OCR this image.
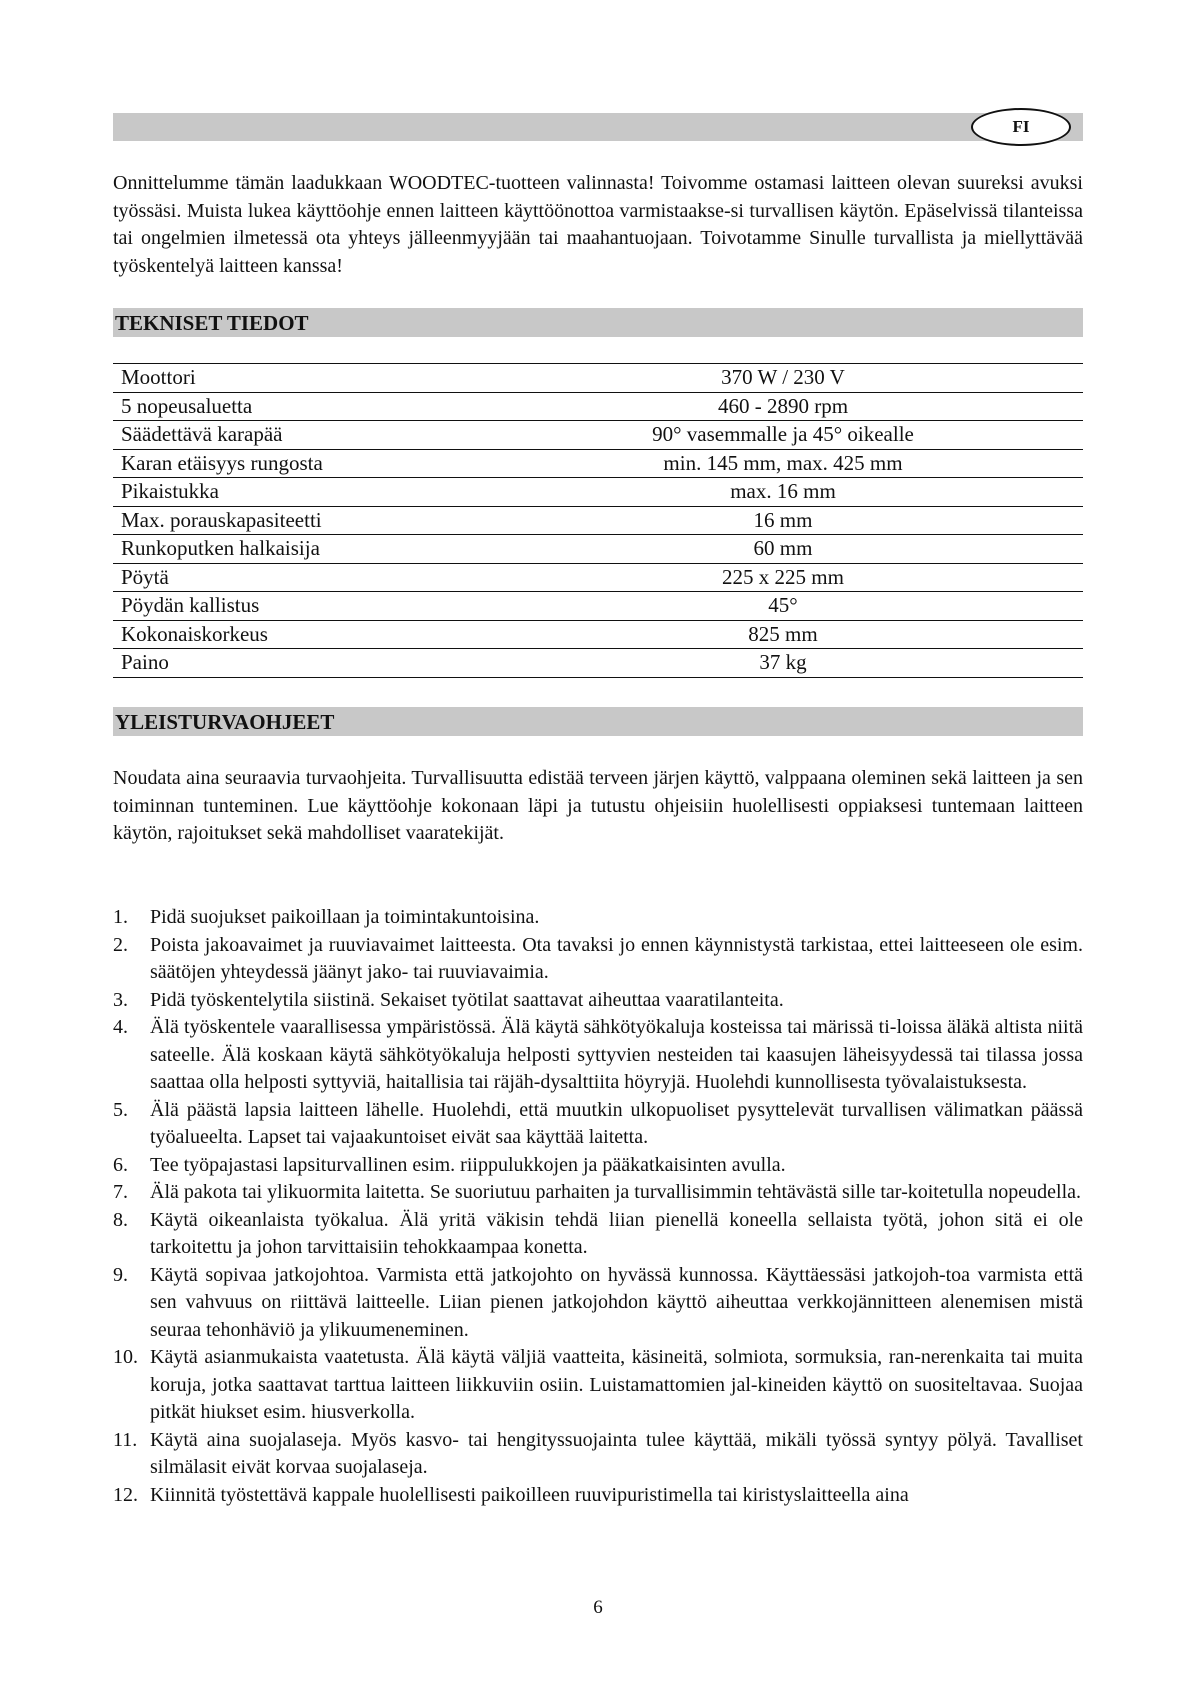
FI

Onnittelumme tämän laadukkaan WOODTEC-tuotteen valinnasta! Toivomme ostamasi laitteen olevan suureksi avuksi työssäsi. Muista lukea käyttöohje ennen laitteen käyttöönottoa varmistaakse-si turvallisen käytön. Epäselvissä tilanteissa tai ongelmien ilmetessä ota yhteys jälleenmyyjään tai maahantuojaan. Toivotamme Sinulle turvallista ja miellyttävää työskentelyä laitteen kanssa!

TEKNISET TIEDOT
Moottori	370 W / 230 V
5 nopeusaluetta	460 - 2890 rpm
Säädettävä karapää	90° vasemmalle ja 45° oikealle
Karan etäisyys rungosta	min. 145 mm, max. 425 mm
Pikaistukka	max. 16 mm
Max. porauskapasiteetti	16 mm
Runkoputken halkaisija	60 mm
Pöytä	225 x 225 mm
Pöydän kallistus	45°
Kokonaiskorkeus	825 mm
Paino	37 kg
YLEISTURVAOHJEET

Noudata aina seuraavia turvaohjeita. Turvallisuutta edistää terveen järjen käyttö, valppaana oleminen sekä laitteen ja sen toiminnan tunteminen. Lue käyttöohje kokonaan läpi ja tutustu ohjeisiin huolellisesti oppiaksesi tuntemaan laitteen käytön, rajoitukset sekä mahdolliset vaaratekijät.

1.	Pidä suojukset paikoillaan ja toimintakuntoisina.
2.	Poista jakoavaimet ja ruuviavaimet laitteesta. Ota tavaksi jo ennen käynnistystä tarkistaa, ettei laitteeseen ole esim. säätöjen yhteydessä jäänyt jako- tai ruuviavaimia.
3.	Pidä työskentelytila siistinä. Sekaiset työtilat saattavat aiheuttaa vaaratilanteita.
4.	Älä työskentele vaarallisessa ympäristössä. Älä käytä sähkötyökaluja kosteissa tai märissä ti-loissa äläkä altista niitä sateelle. Älä koskaan käytä sähkötyökaluja helposti syttyvien nesteiden tai kaasujen läheisyydessä tai tilassa jossa saattaa olla helposti syttyviä, haitallisia tai räjäh-dysalttiita höyryjä. Huolehdi kunnollisesta työvalaistuksesta.
5.	Älä päästä lapsia laitteen lähelle. Huolehdi, että muutkin ulkopuoliset pysyttelevät turvallisen välimatkan päässä työalueelta. Lapset tai vajaakuntoiset eivät saa käyttää laitetta.
6.	Tee työpajastasi lapsiturvallinen esim. riippulukkojen ja pääkatkaisinten avulla.
7.	Älä pakota tai ylikuormita laitetta. Se suoriutuu parhaiten ja turvallisimmin tehtävästä sille tar-koitetulla nopeudella.
8.	Käytä oikeanlaista työkalua. Älä yritä väkisin tehdä liian pienellä koneella sellaista työtä, johon sitä ei ole tarkoitettu ja johon tarvittaisiin tehokkaampaa konetta.
9.	Käytä sopivaa jatkojohtoa. Varmista että jatkojohto on hyvässä kunnossa. Käyttäessäsi jatkojoh-toa varmista että sen vahvuus on riittävä laitteelle. Liian pienen jatkojohdon käyttö aiheuttaa verkkojännitteen alenemisen mistä seuraa tehonhäviö ja ylikuumeneminen.
10. Käytä asianmukaista vaatetusta. Älä käytä väljiä vaatteita, käsineitä, solmiota, sormuksia, ran-nerenkaita tai muita koruja, jotka saattavat tarttua laitteen liikkuviin osiin. Luistamattomien jal-kineiden käyttö on suositeltavaa. Suojaa pitkät hiukset esim. hiusverkolla.
11. Käytä aina suojalaseja. Myös kasvo- tai hengityssuojainta tulee käyttää, mikäli työssä syntyy pölyä. Tavalliset silmälasit eivät korvaa suojalaseja.
12. Kiinnitä työstettävä kappale huolellisesti paikoilleen ruuvipuristimella tai kiristyslaitteella aina
6
